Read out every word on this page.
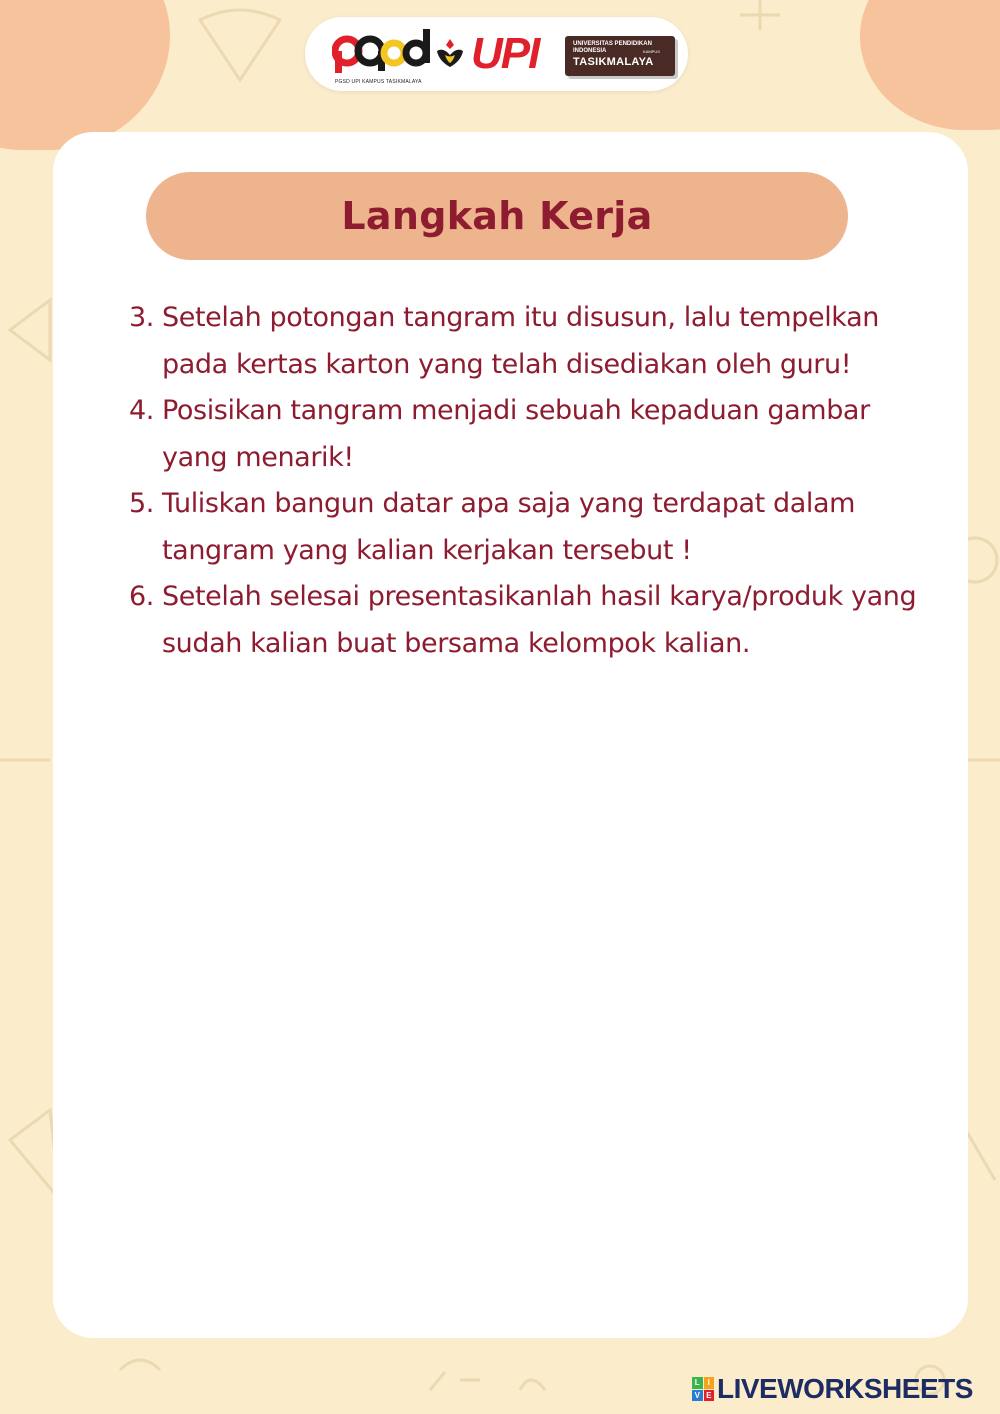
PGSD UPI KAMPUS TASIKMALAYA
UPI	UNIVERSITAS PENDIDIKAN
INDONESIA	KAMPUS
TASIKMALAYA
Langkah Kerja

3. Setelah potongan tangram itu disusun, lalu tempelkan pada kertas karton yang telah disediakan oleh guru!

4. Posisikan tangram menjadi sebuah kepaduan gambar yang menarik!

5. Tuliskan bangun datar apa saja yang terdapat dalam tangram yang kalian kerjakan tersebut !

6. Setelah selesai presentasikanlah hasil karya/produk yang sudah kalian buat bersama kelompok kalian.

L I
V E LIVEWORKSHEETS
